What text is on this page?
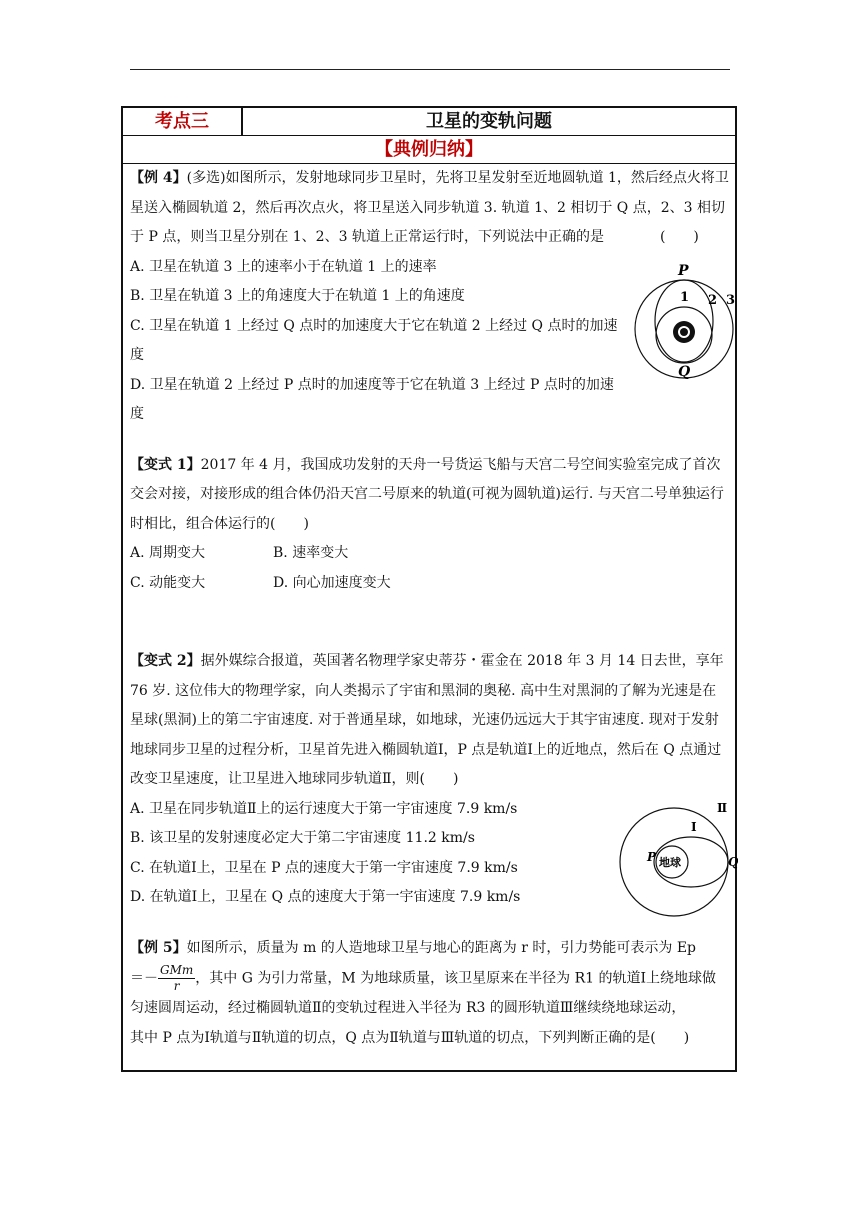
考点三	卫星的变轨问题
【典例归纳】

【例 4】(多选)如图所示，发射地球同步卫星时，先将卫星发射至近地圆轨道 1，然后经点火将卫星送入椭圆轨道 2，然后再次点火，将卫星送入同步轨道 3. 轨道 1、2 相切于 Q 点，2、3 相切于 P 点，则当卫星分别在 1、2、3 轨道上正常运行时，下列说法中正确的是　　　　(　　)

A. 卫星在轨道 3 上的速率小于在轨道 1 上的速率

B. 卫星在轨道 3 上的角速度大于在轨道 1 上的角速度

C. 卫星在轨道 1 上经过 Q 点时的加速度大于它在轨道 2 上经过 Q 点时的加速度

D. 卫星在轨道 2 上经过 P 点时的加速度等于它在轨道 3 上经过 P 点时的加速度

【变式 1】2017 年 4 月，我国成功发射的天舟一号货运飞船与天宫二号空间实验室完成了首次交会对接，对接形成的组合体仍沿天宫二号原来的轨道(可视为圆轨道)运行. 与天宫二号单独运行时相比，组合体运行的(　　)

A. 周期变大	B. 速率变大
C. 动能变大	D. 向心加速度变大

【变式 2】据外媒综合报道，英国著名物理学家史蒂芬・霍金在 2018 年 3 月 14 日去世，享年 76 岁. 这位伟大的物理学家，向人类揭示了宇宙和黑洞的奥秘. 高中生对黑洞的了解为光速是在星球(黑洞)上的第二宇宙速度. 对于普通星球，如地球，光速仍远远大于其宇宙速度. 现对于发射地球同步卫星的过程分析，卫星首先进入椭圆轨道Ⅰ，P 点是轨道Ⅰ上的近地点，然后在 Q 点通过改变卫星速度，让卫星进入地球同步轨道Ⅱ，则(　　)

A. 卫星在同步轨道Ⅱ上的运行速度大于第一宇宙速度 7.9 km/s

B. 该卫星的发射速度必定大于第二宇宙速度 11.2 km/s

C. 在轨道Ⅰ上，卫星在 P 点的速度大于第一宇宙速度 7.9 km/s

D. 在轨道Ⅰ上，卫星在 Q 点的速度大于第一宇宙速度 7.9 km/s

【例 5】如图所示，质量为 m 的人造地球卫星与地心的距离为 r 时，引力势能可表示为 Ep

＝－ $\frac{\text{GMm}}{r}$ ，其中 G 为引力常量，M 为地球质量，该卫星原来在半径为 R1 的轨道Ⅰ上绕地球做

匀速圆周运动，经过椭圆轨道Ⅱ的变轨过程进入半径为 R3 的圆形轨道Ⅲ继续绕地球运动，

其中 P 点为Ⅰ轨道与Ⅱ轨道的切点，Q 点为Ⅱ轨道与Ⅲ轨道的切点，下列判断正确的是(　　)

P
Q
1 2 3
地球
P	Q
Ⅰ
Ⅱ
